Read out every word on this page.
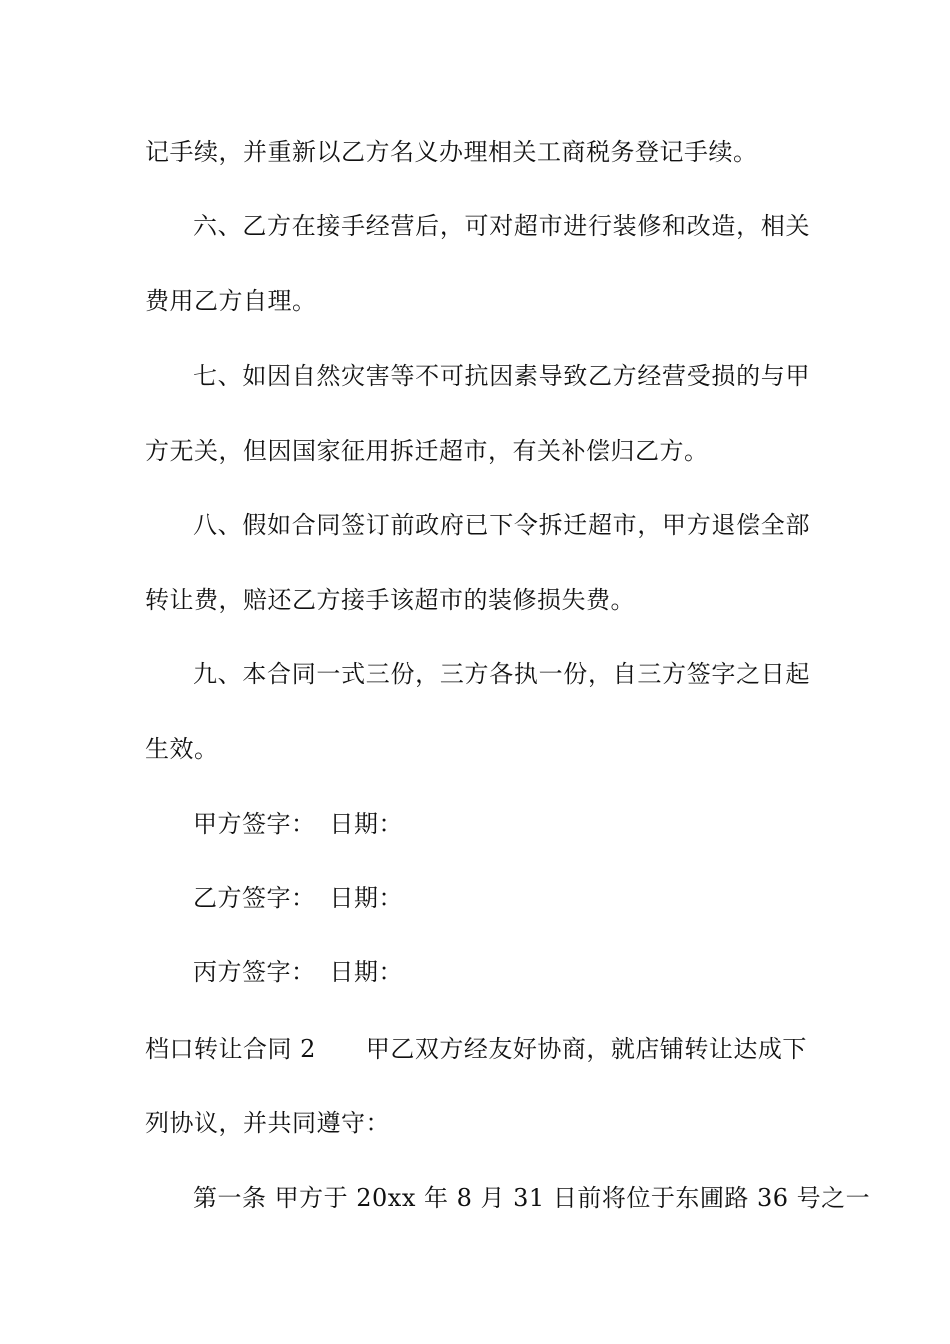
记手续，并重新以乙方名义办理相关工商税务登记手续。
六、乙方在接手经营后，可对超市进行装修和改造，相关
费用乙方自理。
七、如因自然灾害等不可抗因素导致乙方经营受损的与甲
方无关，但因国家征用拆迁超市，有关补偿归乙方。
八、假如合同签订前政府已下令拆迁超市，甲方退偿全部
转让费，赔还乙方接手该超市的装修损失费。
九、本合同一式三份，三方各执一份，自三方签字之日起
生效。
甲方签字： 日期：
乙方签字： 日期：
丙方签字： 日期：
档口转让合同 2 甲乙双方经友好协商，就店铺转让达成下
列协议，并共同遵守：
第一条 甲方于 20xx 年 8 月 31 日前将位于东圃路 36 号之一
